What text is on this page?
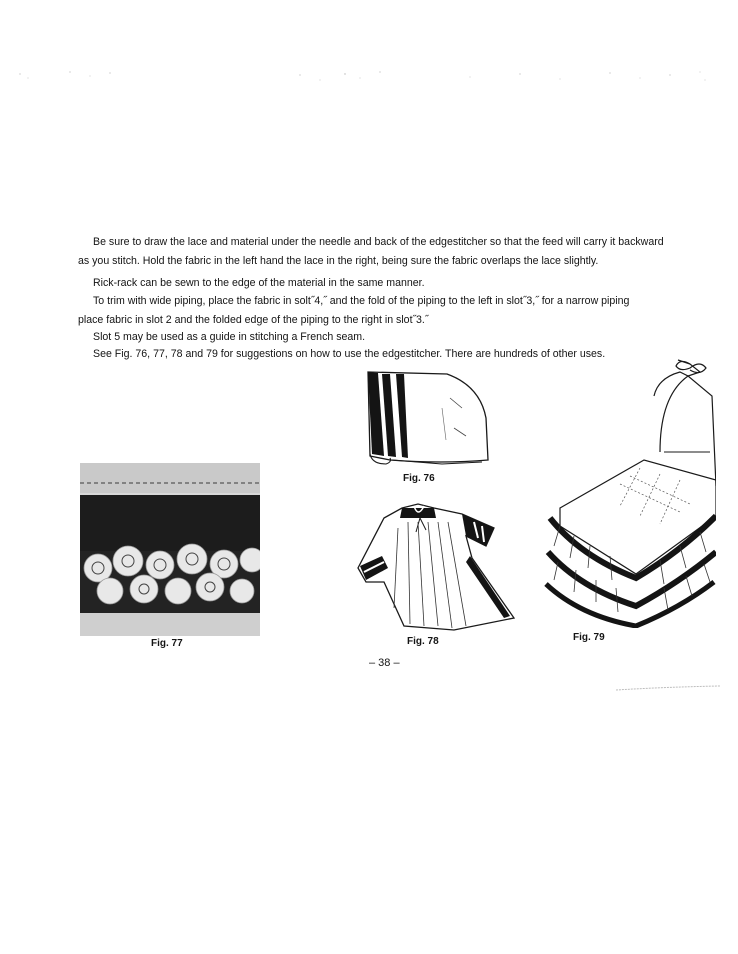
Be sure to draw the lace and material under the needle and back of the edgestitcher so that the feed will carry it backward
as you stitch. Hold the fabric in the left hand the lace in the right, being sure the fabric overlaps the lace slightly.
Rick-rack can be sewn to the edge of the material in the same manner.
To trim with wide piping, place the fabric in solt˝4,˝ and the fold of the piping to the left in slot˝3,˝ for a narrow piping
place fabric in slot 2 and the folded edge of the piping to the right in slot˝3.˝
Slot 5 may be used as a guide in stitching a French seam.
See Fig. 76, 77, 78 and 79 for suggestions on how to use the edgestitcher. There are hundreds of other uses.
Fig. 76
Fig. 77	Fig. 78	Fig. 79
– 38 –
